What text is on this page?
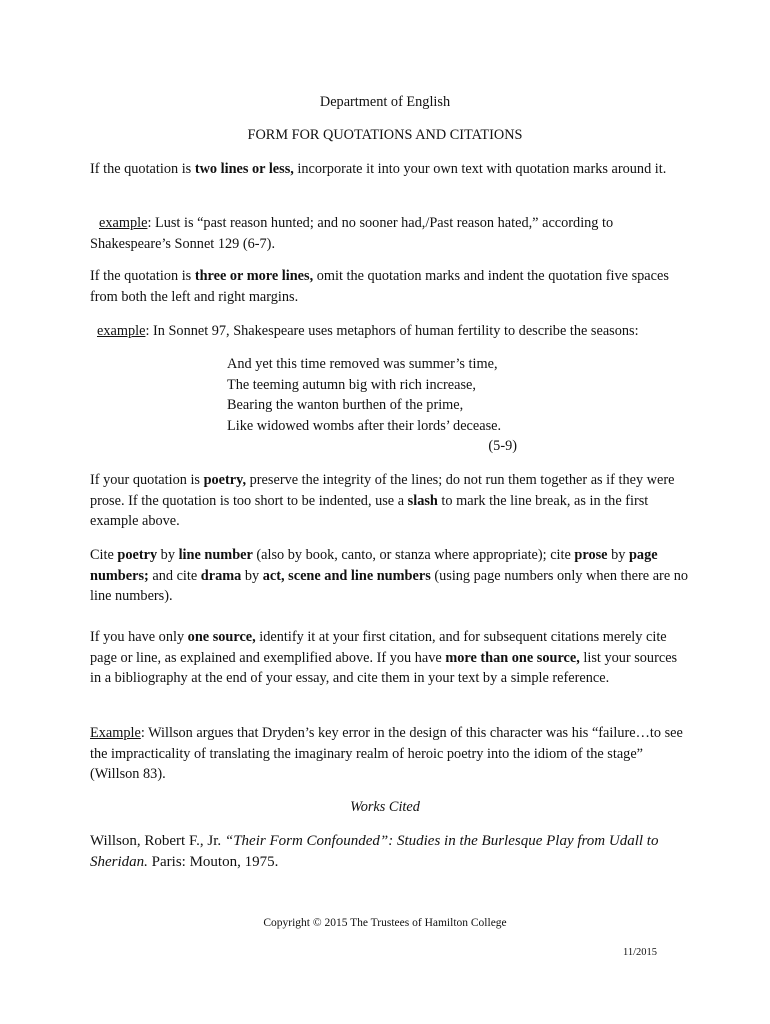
Department of English

FORM FOR QUOTATIONS AND CITATIONS

If the quotation is two lines or less, incorporate it into your own text with quotation marks around it.

example: Lust is “past reason hunted; and no sooner had,/Past reason hated,” according to Shakespeare’s Sonnet 129 (6-7).

If the quotation is three or more lines, omit the quotation marks and indent the quotation five spaces from both the left and right margins.

example: In Sonnet 97, Shakespeare uses metaphors of human fertility to describe the seasons:

And yet this time removed was summer’s time,
The teeming autumn big with rich increase,
Bearing the wanton burthen of the prime,
Like widowed wombs after their lords’ decease.
(5-9)

If your quotation is poetry, preserve the integrity of the lines; do not run them together as if they were prose. If the quotation is too short to be indented, use a slash to mark the line break, as in the first example above.

Cite poetry by line number (also by book, canto, or stanza where appropriate); cite prose by page numbers; and cite drama by act, scene and line numbers (using page numbers only when there are no line numbers).

If you have only one source, identify it at your first citation, and for subsequent citations merely cite page or line, as explained and exemplified above. If you have more than one source, list your sources in a bibliography at the end of your essay, and cite them in your text by a simple reference.

Example: Willson argues that Dryden’s key error in the design of this character was his “failure…to see the impracticality of translating the imaginary realm of heroic poetry into the idiom of the stage” (Willson 83).

Works Cited

Willson, Robert F., Jr. “Their Form Confounded”: Studies in the Burlesque Play from Udall to Sheridan. Paris: Mouton, 1975.

Copyright © 2015 The Trustees of Hamilton College

11/2015
